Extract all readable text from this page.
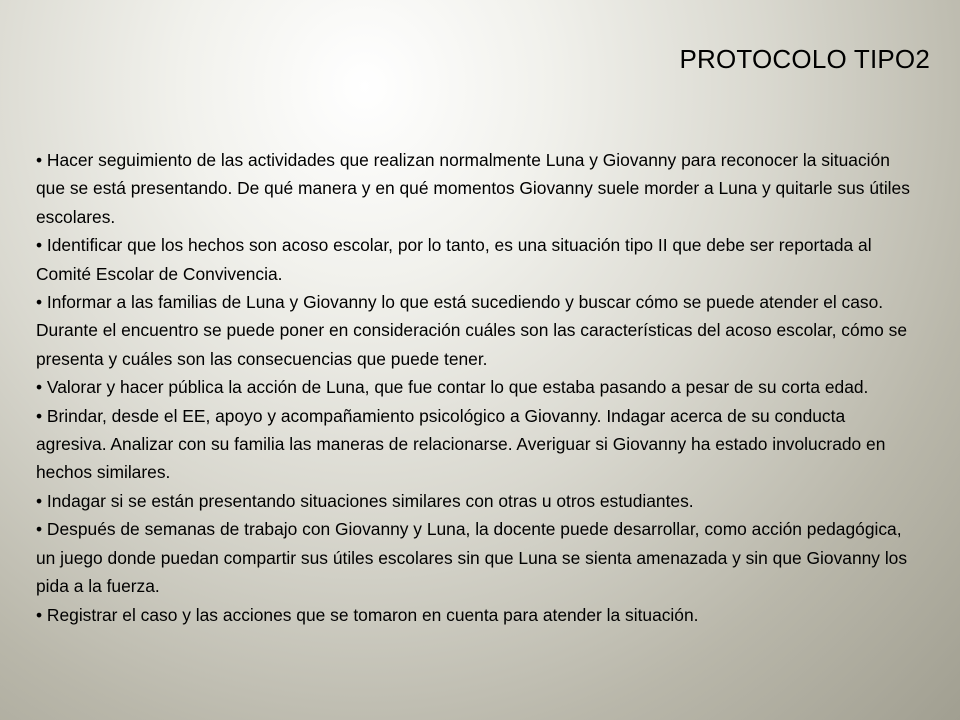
PROTOCOLO TIPO2

• Hacer seguimiento de las actividades que realizan normalmente Luna y Giovanny para reconocer la situación que se está presentando. De qué manera y en qué momentos Giovanny suele morder a Luna y quitarle sus útiles escolares.

• Identificar que los hechos son acoso escolar, por lo tanto, es una situación tipo II que debe ser reportada al Comité Escolar de Convivencia.

• Informar a las familias de Luna y Giovanny lo que está sucediendo y buscar cómo se puede atender el caso. Durante el encuentro se puede poner en consideración cuáles son las características del acoso escolar, cómo se presenta y cuáles son las consecuencias que puede tener.

• Valorar y hacer pública la acción de Luna, que fue contar lo que estaba pasando a pesar de su corta edad.

• Brindar, desde el EE, apoyo y acompañamiento psicológico a Giovanny. Indagar acerca de su conducta agresiva. Analizar con su familia las maneras de relacionarse. Averiguar si Giovanny ha estado involucrado en hechos similares.

• Indagar si se están presentando situaciones similares con otras u otros estudiantes.

• Después de semanas de trabajo con Giovanny y Luna, la docente puede desarrollar, como acción pedagógica, un juego donde puedan compartir sus útiles escolares sin que Luna se sienta amenazada y sin que Giovanny los pida a la fuerza.

• Registrar el caso y las acciones que se tomaron en cuenta para atender la situación.
